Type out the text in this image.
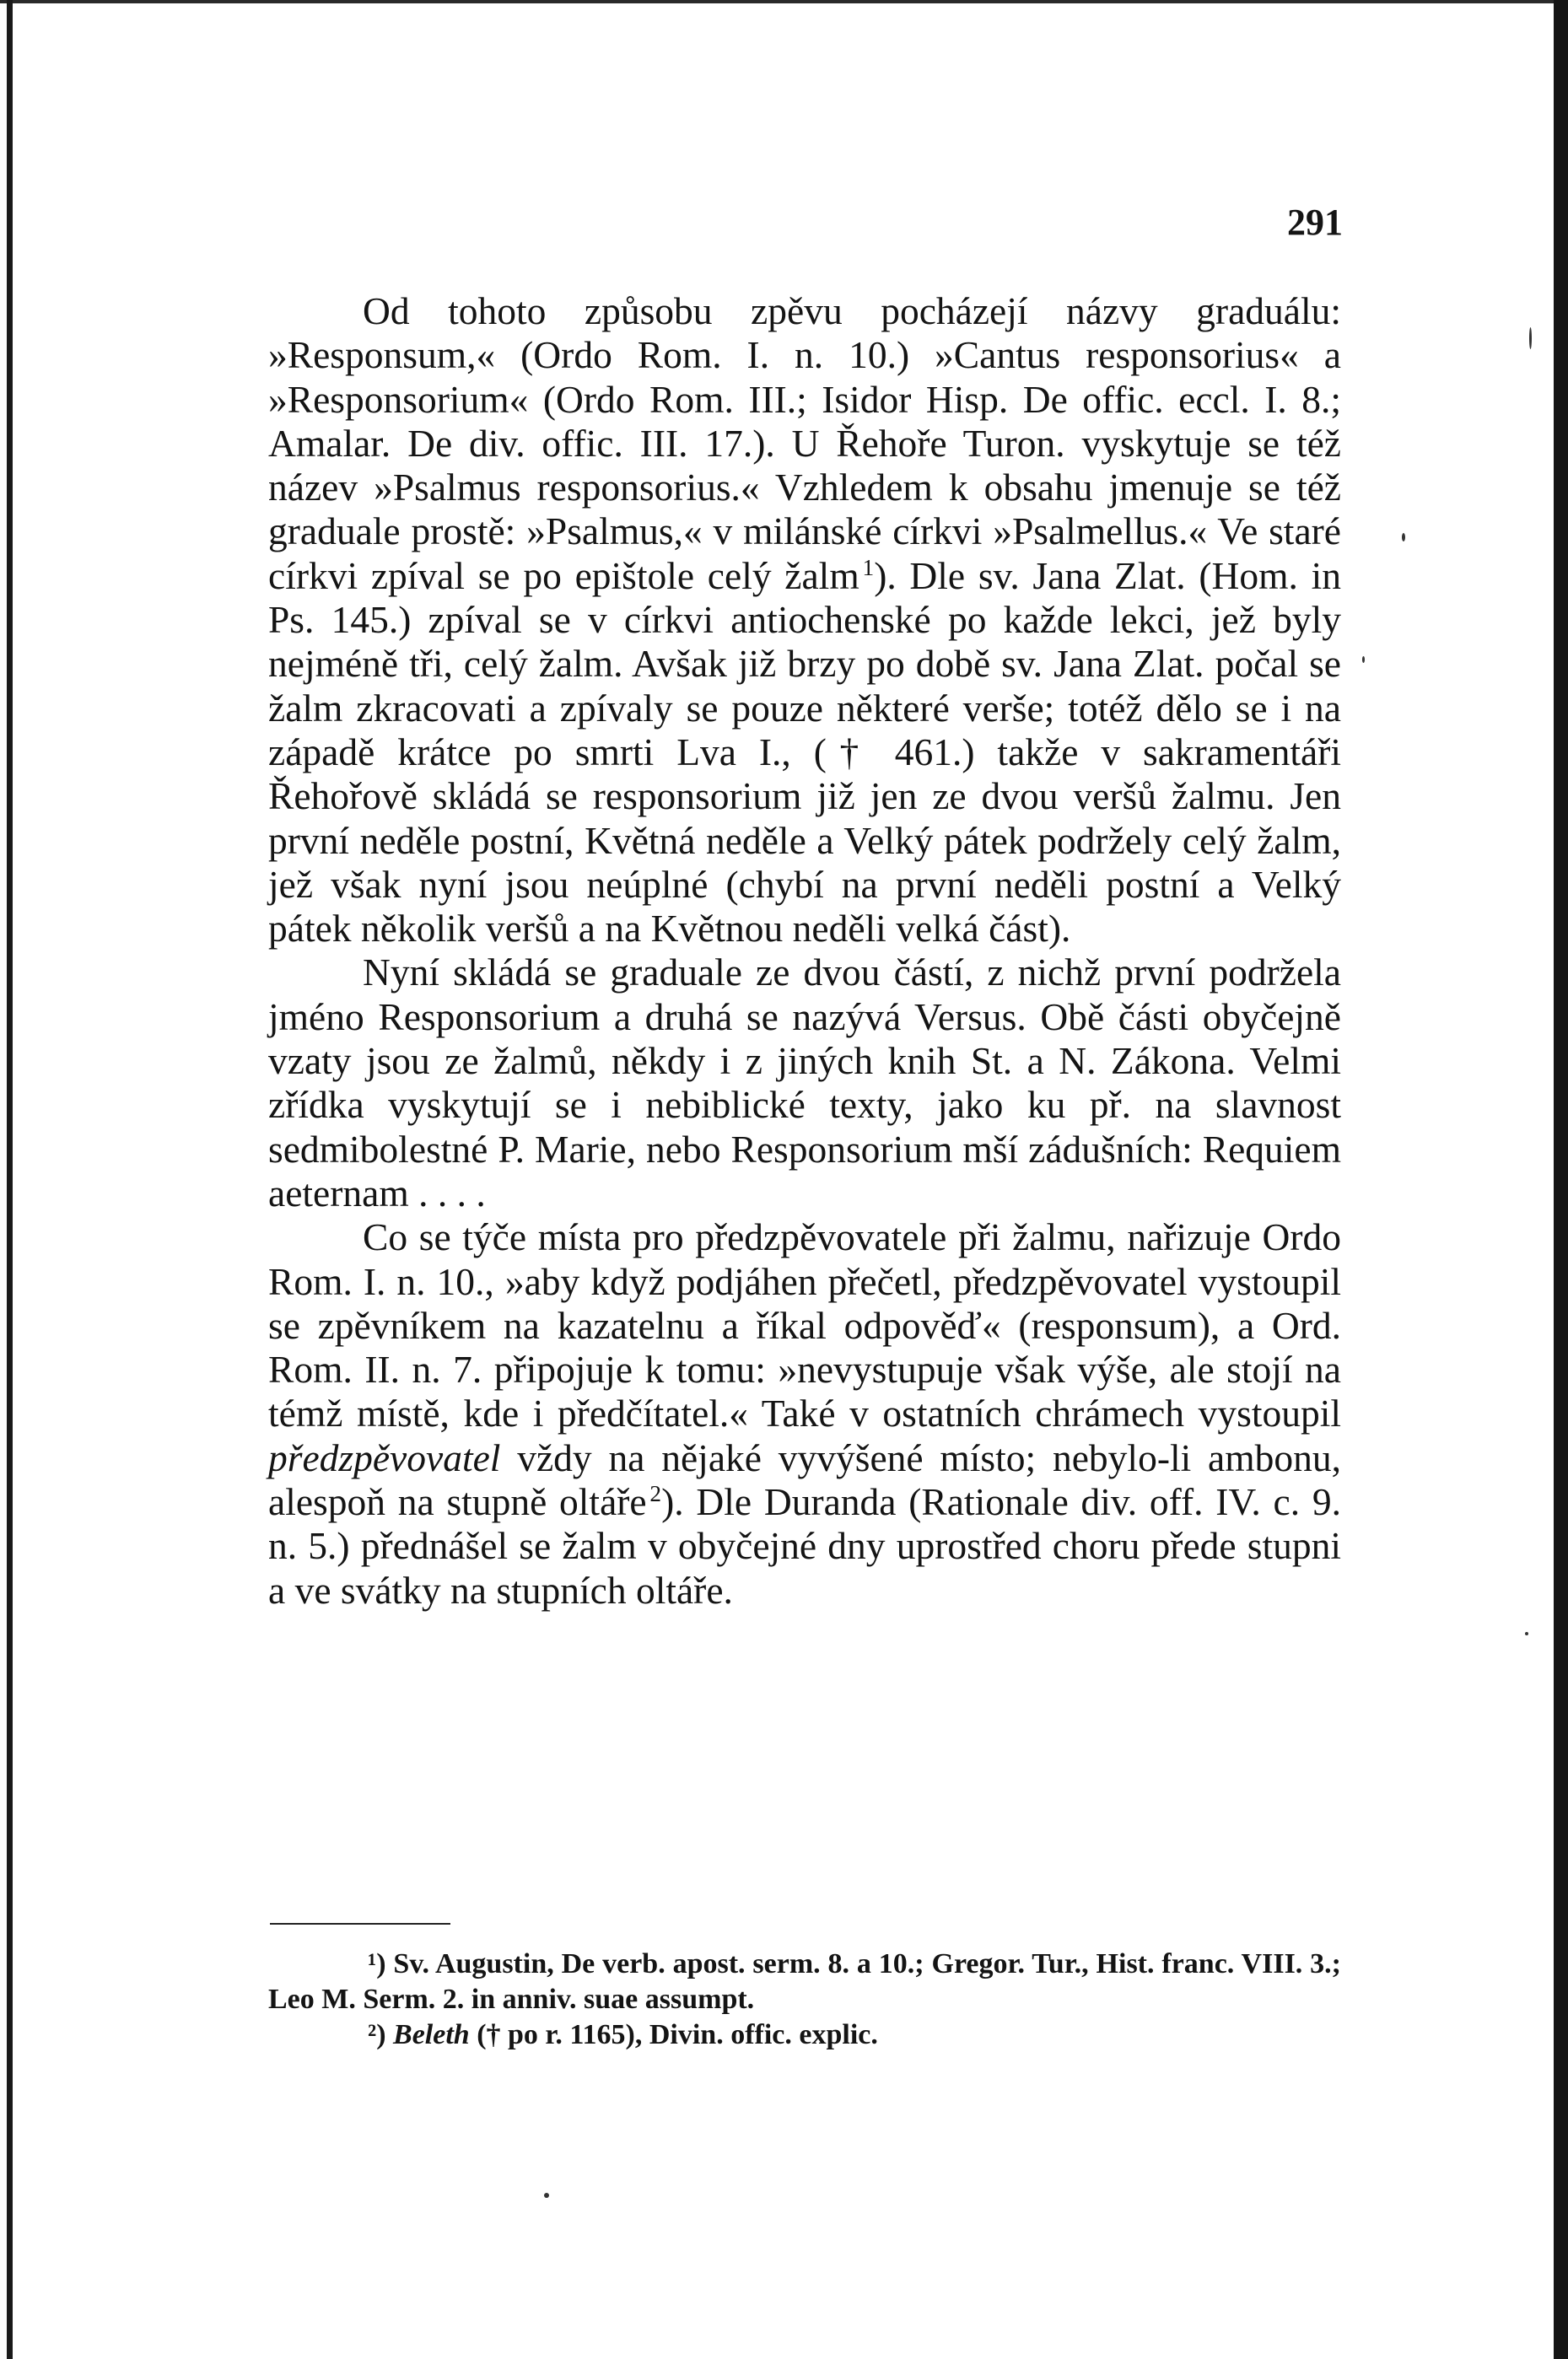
291

Od tohoto způsobu zpěvu pocházejí názvy graduálu: »Responsum,« (Ordo Rom. I. n. 10.) »Cantus responsorius« a »Responsorium« (Ordo Rom. III.; Isidor Hisp. De offic. eccl. I. 8.; Amalar. De div. offic. III. 17.). U Řehoře Turon. vyskytuje se též název »Psalmus responsorius.« Vzhledem k obsahu jmenuje se též graduale prostě: »Psalmus,« v milánské církvi »Psalmellus.« Ve staré církvi zpíval se po epištole celý žalm  $^1$). Dle sv. Jana Zlat. (Hom. in Ps. 145.) zpíval se v církvi antiochenské po každe lekci, jež byly nejméně tři, celý žalm. Avšak již brzy po době sv. Jana Zlat. počal se žalm zkracovati a zpívaly se pouze některé verše; totéž dělo se i na západě krátce po smrti Lva I., († 461.) takže v sakramentáři Řehořově skládá se responsorium již jen ze dvou veršů žalmu. Jen první neděle postní, Květná neděle a Velký pátek podržely celý žalm, jež však nyní jsou neúplné (chybí na první neděli postní a Velký pátek několik veršů a na Květnou neděli velká část).

Nyní skládá se graduale ze dvou částí, z nichž první podržela jméno Responsorium a druhá se nazývá Versus. Obě části obyčejně vzaty jsou ze žalmů, někdy i z jiných knih St. a N. Zákona. Velmi zřídka vyskytují se i nebiblické texty, jako ku př. na slavnost sedmibolestné P. Marie, nebo Responsorium mší zádušních: Requiem aeternam . . . .

Co se týče místa pro předzpěvovatele při žalmu, nařizuje Ordo Rom. I. n. 10., »aby když podjáhen přečetl, předzpěvovatel vystoupil se zpěvníkem na kazatelnu a říkal odpověď« (responsum), a Ord. Rom. II. n. 7. připojuje k tomu: »nevystupuje však výše, ale stojí na témž místě, kde i předčítatel.« Také v ostatních chrámech vystoupil předzpěvovatel vždy na nějaké vyvýšené místo; nebylo-li ambonu, alespoň na stupně oltáře  $^2$). Dle Duranda (Rationale div. off. IV. c. 9. n. 5.) přednášel se žalm v obyčejné dny uprostřed choru přede stupni a ve svátky na stupních oltáře.

¹) Sv. Augustin, De verb. apost. serm. 8. a 10.; Gregor. Tur., Hist. franc. VIII. 3.; Leo M. Serm. 2. in anniv. suae assumpt.

²) Beleth († po r. 1165), Divin. offic. explic.
